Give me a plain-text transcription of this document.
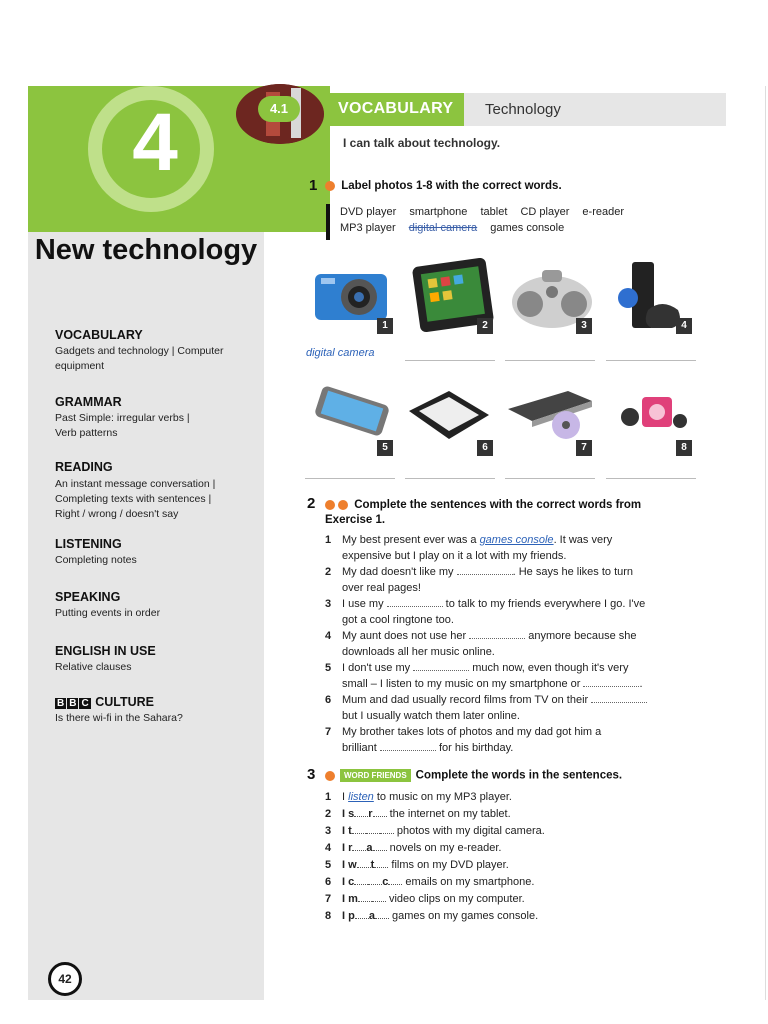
4
New technology
VOCABULARY
Gadgets and technology | Computer
equipment
GRAMMAR
Past Simple: irregular verbs |
Verb patterns
READING
An instant message conversation |
Completing texts with sentences |
Right / wrong / doesn't say
LISTENING
Completing notes
SPEAKING
Putting events in order
ENGLISH IN USE
Relative clauses
B B C CULTURE
Is there wi-fi in the Sahara?
42
4.1	VOCABULARY Technology
I can talk about technology.
1	Label photos 1-8 with the correct words.
DVD player smartphone tablet CD player e-reader
MP3 player digital camera games console
1	2	3	4
digital camera
5	6	7	8
2	Complete the sentences with the correct words from
Exercise 1.
1 My best present ever was a games console. It was very
expensive but I play on it a lot with my friends.
2 My dad doesn't like my	. He says he likes to turn
over real pages!
3 I use my	to talk to my friends everywhere I go. I've
got a cool ringtone too.
4 My aunt does not use her	anymore because she
downloads all her music online.
5 I don't use my	much now, even though it's very
small – I listen to my music on my smartphone or	.
6 Mum and dad usually record films from TV on their
but I usually watch them later online.
7 My brother takes lots of photos and my dad got him a
brilliant	for his birthday.
3	WORD FRIENDS Complete the words in the sentences.
1 I listen to music on my MP3 player.
2 I s r the internet on my tablet.
3 I t	photos with my digital camera.
4 I r a novels on my e-reader.
5 I w t films on my DVD player.
6 I c	c emails on my smartphone.
7 I m	video clips on my computer.
8 I p a games on my games console.
